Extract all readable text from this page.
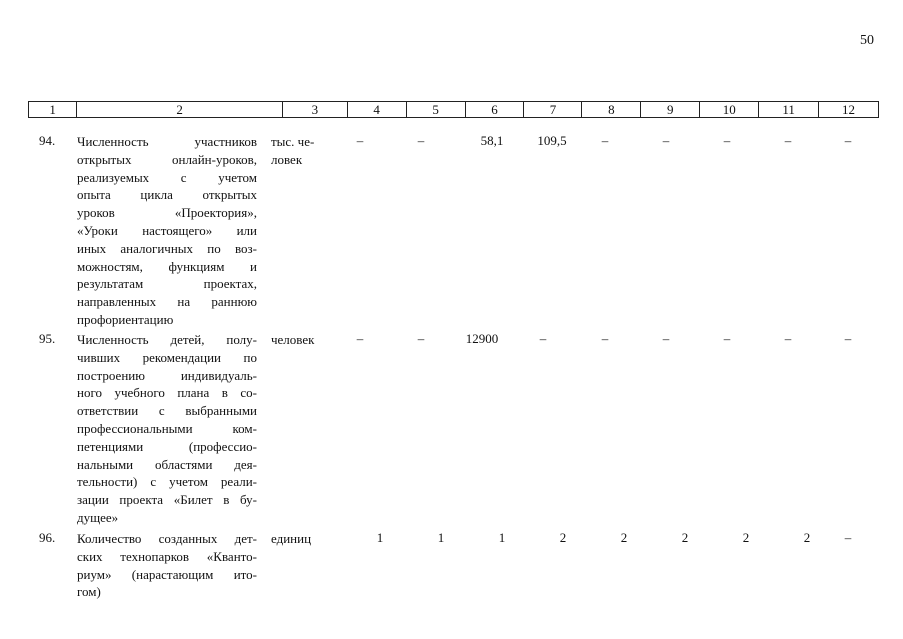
50
1	2	3	4	5	6	7	8	9	10	11	12
94. Численность участников
открытых онлайн-уроков,
реализуемых с учетом
опыта цикла открытых
уроков «Проектория»,
«Уроки настоящего» или
иных аналогичных по воз-
можностям, функциям и
результатам проектах,
направленных на раннюю
профориентацию
тыс. че-
ловек
–	–	58,1	109,5	–	–	–	–	–
95. Численность детей, полу-
чивших рекомендации по
построению индивидуаль-
ного учебного плана в со-
ответствии с выбранными
профессиональными ком-
петенциями (профессио-
нальными областями дея-
тельности) с учетом реали-
зации проекта «Билет в бу-
дущее»
человек	–	–	12900	–	–	–	–	–	–
96. Количество созданных дет-
ских технопарков «Кванто-
риум» (нарастающим ито-
гом)
единиц	1	1	1	2	2	2	2	2	–
